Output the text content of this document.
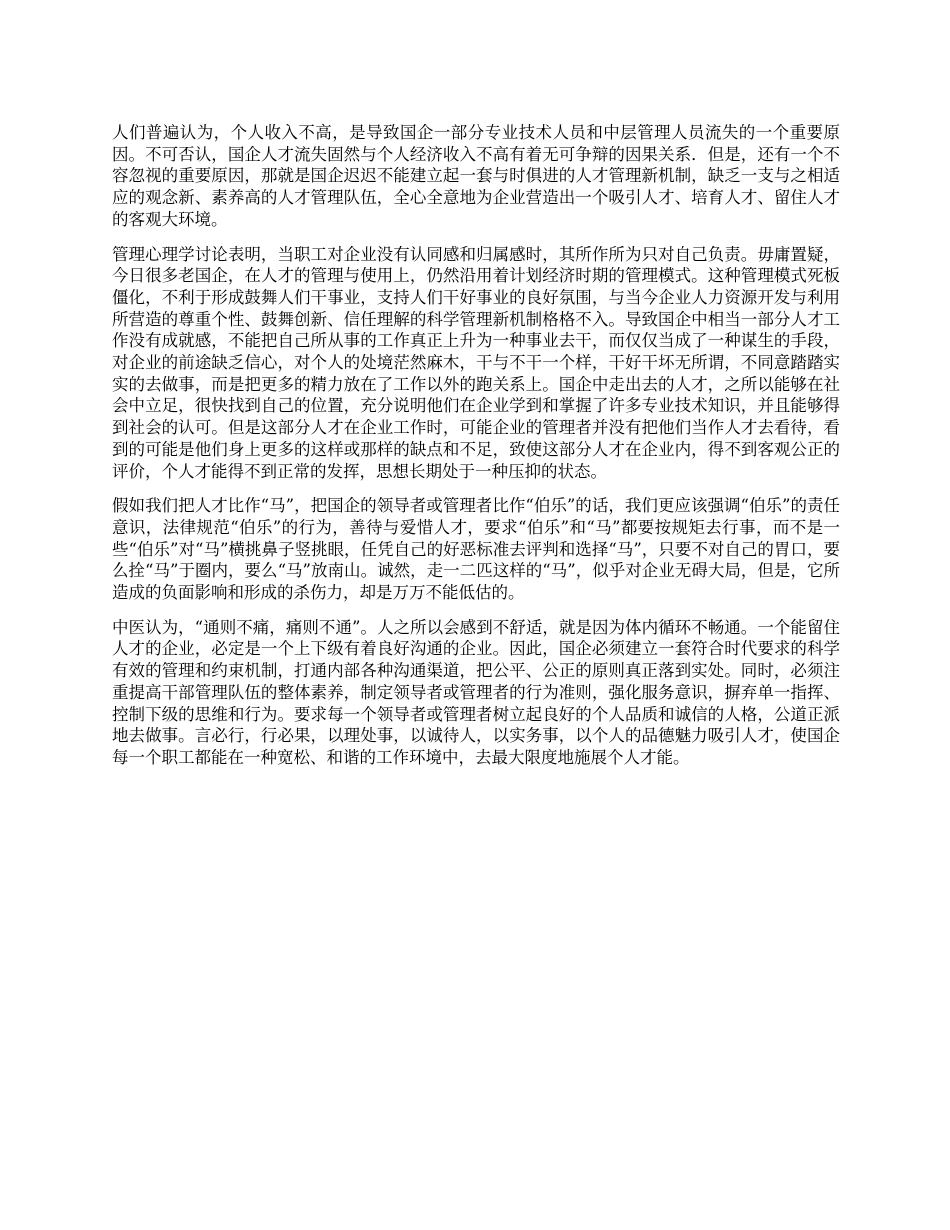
人们普遍认为，个人收入不高，是导致国企一部分专业技术人员和中层管理人员流失的一个重要原因。不可否认，国企人才流失固然与个人经济收入不高有着无可争辩的因果关系．但是，还有一个不容忽视的重要原因，那就是国企迟迟不能建立起一套与时俱进的人才管理新机制，缺乏一支与之相适应的观念新、素养高的人才管理队伍，全心全意地为企业营造出一个吸引人才、培育人才、留住人才的客观大环境。

管理心理学讨论表明，当职工对企业没有认同感和归属感时，其所作所为只对自己负责。毋庸置疑，今日很多老国企，在人才的管理与使用上，仍然沿用着计划经济时期的管理模式。这种管理模式死板僵化，不利于形成鼓舞人们干事业，支持人们干好事业的良好氛围，与当今企业人力资源开发与利用所营造的尊重个性、鼓舞创新、信任理解的科学管理新机制格格不入。导致国企中相当一部分人才工作没有成就感，不能把自己所从事的工作真正上升为一种事业去干，而仅仅当成了一种谋生的手段，对企业的前途缺乏信心，对个人的处境茫然麻木，干与不干一个样，干好干坏无所谓，不同意踏踏实实的去做事，而是把更多的精力放在了工作以外的跑关系上。国企中走出去的人才，之所以能够在社会中立足，很快找到自己的位置，充分说明他们在企业学到和掌握了许多专业技术知识，并且能够得到社会的认可。但是这部分人才在企业工作时，可能企业的管理者并没有把他们当作人才去看待，看到的可能是他们身上更多的这样或那样的缺点和不足，致使这部分人才在企业内，得不到客观公正的评价，个人才能得不到正常的发挥，思想长期处于一种压抑的状态。

假如我们把人才比作“马”，把国企的领导者或管理者比作“伯乐”的话，我们更应该强调“伯乐”的责任意识，法律规范“伯乐”的行为，善待与爱惜人才，要求“伯乐”和“马”都要按规矩去行事，而不是一些“伯乐”对“马”横挑鼻子竖挑眼，任凭自己的好恶标准去评判和选择“马”，只要不对自己的胃口，要么拴“马”于圈内，要么“马”放南山。诚然，走一二匹这样的“马”，似乎对企业无碍大局，但是，它所造成的负面影响和形成的杀伤力，却是万万不能低估的。

中医认为，“通则不痛，痛则不通”。人之所以会感到不舒适，就是因为体内循环不畅通。一个能留住人才的企业，必定是一个上下级有着良好沟通的企业。因此，国企必须建立一套符合时代要求的科学有效的管理和约束机制，打通内部各种沟通渠道，把公平、公正的原则真正落到实处。同时，必须注重提高干部管理队伍的整体素养，制定领导者或管理者的行为准则，强化服务意识，摒弃单一指挥、控制下级的思维和行为。要求每一个领导者或管理者树立起良好的个人品质和诚信的人格，公道正派地去做事。言必行，行必果，以理处事，以诚待人，以实务事，以个人的品德魅力吸引人才，使国企每一个职工都能在一种宽松、和谐的工作环境中，去最大限度地施展个人才能。
